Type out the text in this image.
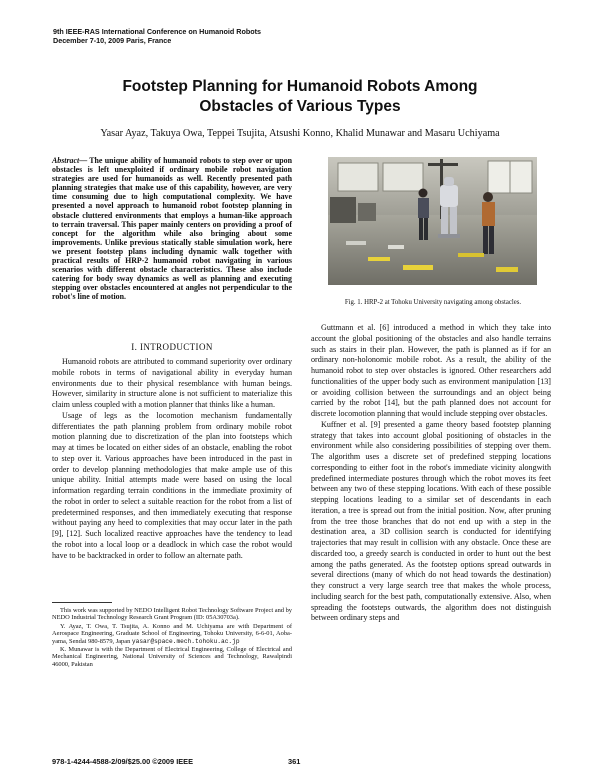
9th IEEE-RAS International Conference on Humanoid Robots
December 7-10, 2009 Paris, France
Footstep Planning for Humanoid Robots Among
Obstacles of Various Types
Yasar Ayaz, Takuya Owa, Teppei Tsujita, Atsushi Konno, Khalid Munawar and Masaru Uchiyama
Abstract— The unique ability of humanoid robots to step over or upon obstacles is left unexploited if ordinary mobile robot navigation strategies are used for humanoids as well. Recently presented path planning strategies that make use of this capability, however, are very time consuming due to high computational complexity. We have presented a novel approach to humanoid robot footstep planning in obstacle cluttered environments that employs a human-like approach to terrain traversal. This paper mainly centers on providing a proof of concept for the algorithm while also bringing about some improvements. Unlike previous statically stable simulation work, here we present footstep plans including dynamic walk together with practical results of HRP-2 humanoid robot navigating in various scenarios with different obstacle characteristics. These also include catering for body sway dynamics as well as planning and executing stepping over obstacles encountered at angles not perpendicular to the robot's line of motion.
I. INTRODUCTION

Humanoid robots are attributed to command superiority over ordinary mobile robots in terms of navigational ability in everyday human environments due to their physical resemblance with human beings. However, similarity in structure alone is not sufficient to materialize this claim unless coupled with a motion planner that thinks like a human.

Usage of legs as the locomotion mechanism fundamentally differentiates the path planning problem from ordinary mobile robot motion planning due to discretization of the plan into footsteps which may at times be located on either sides of an obstacle, enabling the robot to step over it. Various approaches have been introduced in the past in order to develop planning methodologies that make ample use of this unique ability. Initial attempts made were based on using the local information regarding terrain conditions in the immediate proximity of the robot in order to select a suitable reaction for the robot from a list of predetermined responses, and then immediately executing that response without paying any heed to complexities that may occur later in the path [9], [12]. Such localized reactive approaches have the tendency to lead the robot into a local loop or a deadlock in which case the robot would have to be backtracked in order to follow an alternate path.

This work was supported by NEDO Intelligent Robot Technology Software Project and by NEDO Industrial Technology Research Grant Program (ID: 05A30703a).

Y. Ayaz, T. Owa, T. Tsujita, A. Konno and M. Uchiyama are with Department of Aerospace Engineering, Graduate School of Engineering, Tohoku University, 6-6-01, Aoba-yama, Sendai 980-8579, Japan yasar@space.mech.tohoku.ac.jp

K. Munawar is with the Department of Electrical Engineering, College of Electrical and Mechanical Engineering, National University of Sciences and Technology, Rawalpindi 46000, Pakistan

Fig. 1. HRP-2 at Tohoku University navigating among obstacles.

Guttmann et al. [6] introduced a method in which they take into account the global positioning of the obstacles and also handle terrains such as stairs in their plan. However, the path is planned as if for an ordinary non-holonomic mobile robot. As a result, the ability of the humanoid robot to step over obstacles is ignored. Other researchers add functionalities of the upper body such as environment manipulation [13] or avoiding collision between the surroundings and an object being carried by the robot [14], but the path planned does not account for discrete locomotion planning that would include stepping over obstacles.

Kuffner et al. [9] presented a game theory based footstep planning strategy that takes into account global positioning of obstacles in the environment while also considering possibilities of stepping over them. The algorithm uses a discrete set of predefined stepping locations corresponding to either foot in the robot's immediate vicinity alongwith predefined intermediate postures through which the robot moves its feet between any two of these stepping locations. With each of these possible stepping locations leading to a similar set of descendants in each iteration, a tree is spread out from the initial position. Now, after pruning from the tree those branches that do not end up with a step in the destination area, a 3D collision search is conducted for identifying trajectories that may result in collision with any obstacle. Once these are discarded too, a greedy search is conducted in order to hunt out the best among the paths generated. As the footstep options spread outwards in several directions (many of which do not head towards the destination) they construct a very large search tree that makes the whole process, including search for the best path, computationally extensive. Also, when spreading the footsteps outwards, the algorithm does not distinguish between ordinary steps and

978-1-4244-4588-2/09/$25.00 ©2009 IEEE	361
